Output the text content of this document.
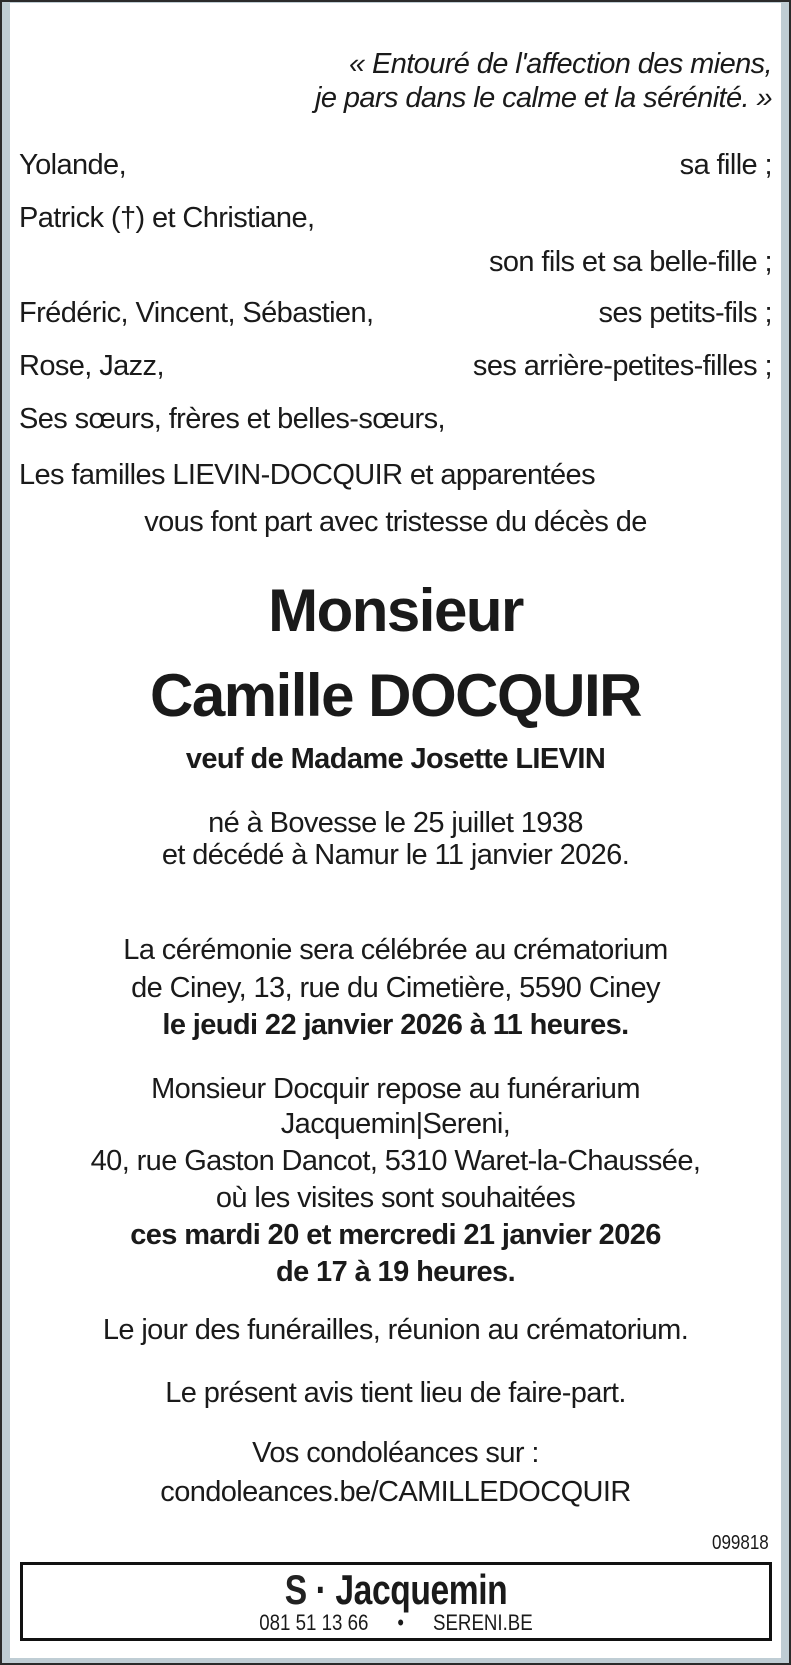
« Entouré de l'affection des miens,
je pars dans le calme et la sérénité. »
Yolande,	sa fille ;
Patrick (†) et Christiane,
son fils et sa belle-fille ;
Frédéric, Vincent, Sébastien,	ses petits-fils ;
Rose, Jazz,	ses arrière-petites-filles ;
Ses sœurs, frères et belles-sœurs,
Les familles LIEVIN-DOCQUIR et apparentées
vous font part avec tristesse du décès de
Monsieur
Camille DOCQUIR
veuf de Madame Josette LIEVIN
né à Bovesse le 25 juillet 1938
et décédé à Namur le 11 janvier 2026.
La cérémonie sera célébrée au crématorium
de Ciney, 13, rue du Cimetière, 5590 Ciney
le jeudi 22 janvier 2026 à 11 heures.
Monsieur Docquir repose au funérarium
Jacquemin|Sereni,
40, rue Gaston Dancot, 5310 Waret-la-Chaussée,
où les visites sont souhaitées
ces mardi 20 et mercredi 21 janvier 2026
de 17 à 19 heures.
Le jour des funérailles, réunion au crématorium.
Le présent avis tient lieu de faire-part.
Vos condoléances sur :
condoleances.be/CAMILLEDOCQUIR
099818
S · Jacquemin
081 51 13 66 • SERENI.BE
